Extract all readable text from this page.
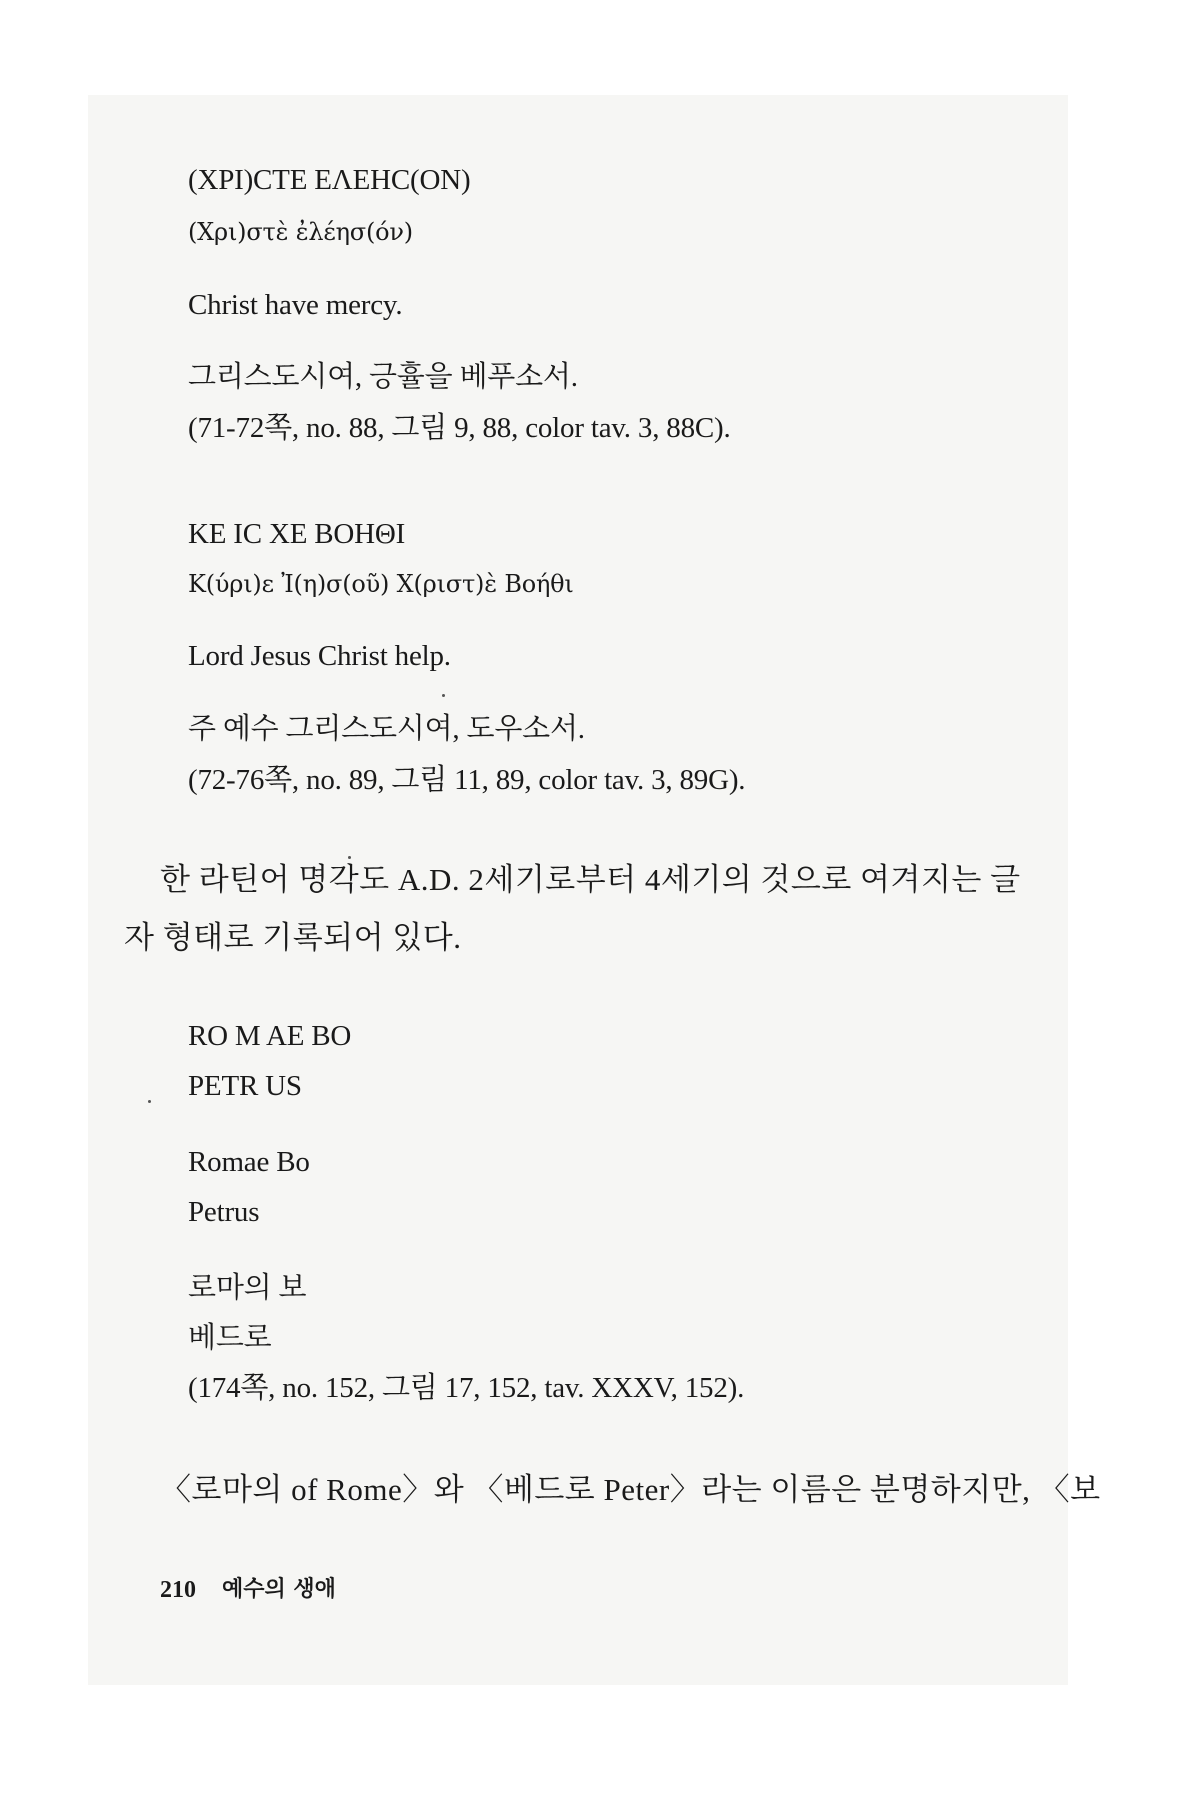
(XPI)CTE EΛEHC(ON)
(Χρι)στὲ ἐλέησ(όν)
Christ have mercy.
그리스도시여, 긍휼을 베푸소서.
(71-72쪽, no. 88, 그림 9, 88, color tav. 3, 88C).
KE IC XE BOHΘI
Κ(ύρι)ε Ἰ(η)σ(οῦ) Χ(ριστ)ὲ Βοήθι
Lord Jesus Christ help.
주 예수 그리스도시여, 도우소서.
(72-76쪽, no. 89, 그림 11, 89, color tav. 3, 89G).
한 라틴어 명각도 A.D. 2세기로부터 4세기의 것으로 여겨지는 글
자 형태로 기록되어 있다.
RO M AE BO
PETR US
Romae Bo
Petrus
로마의 보
베드로
(174쪽, no. 152, 그림 17, 152, tav. XXXV, 152).
〈로마의 of Rome〉와 〈베드로 Peter〉라는 이름은 분명하지만, 〈보
210 예수의 생애
